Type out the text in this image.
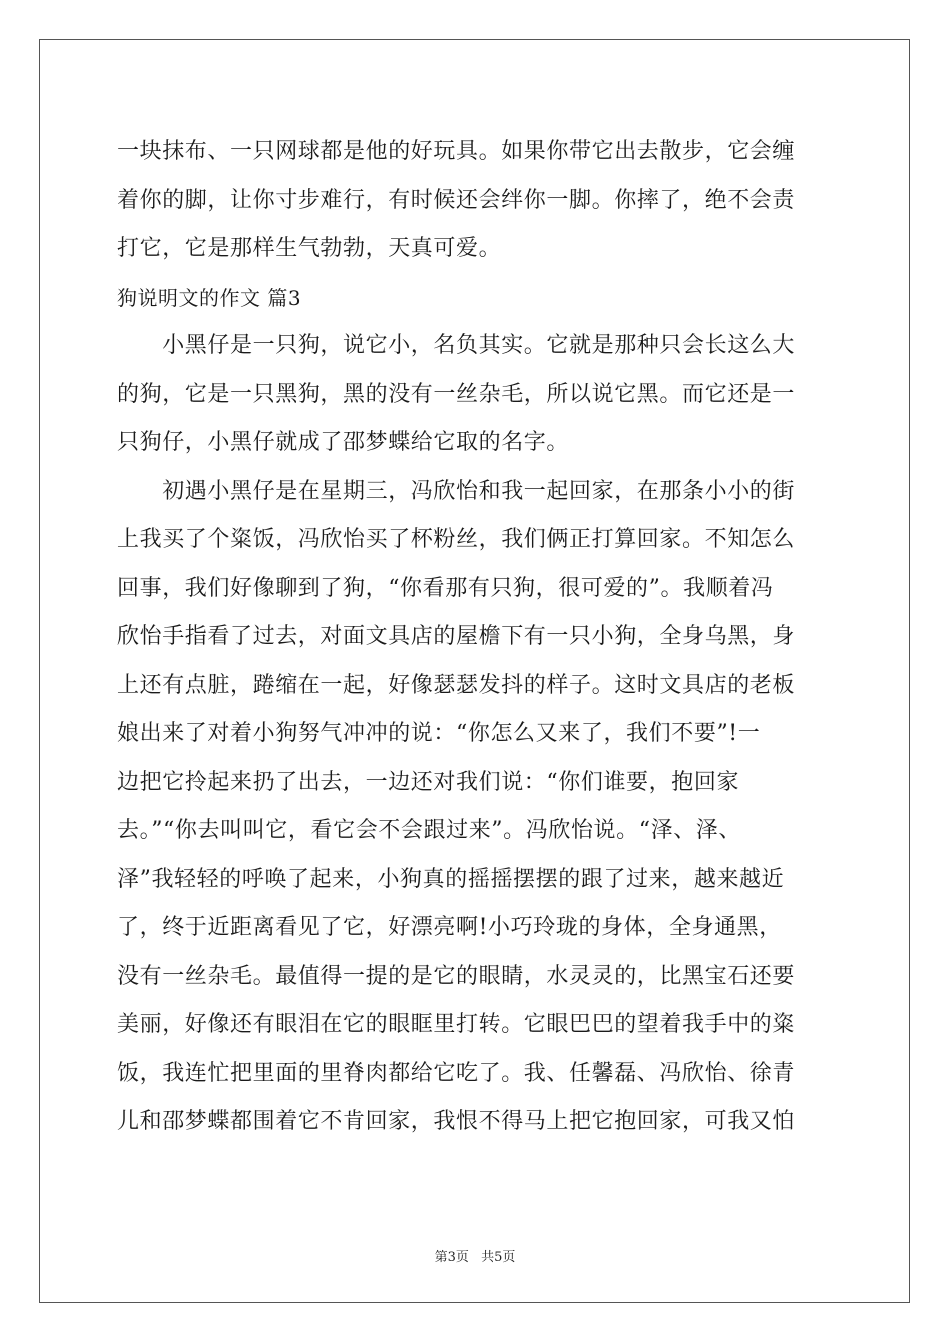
一块抹布、一只网球都是他的好玩具。如果你带它出去散步，它会缠
着你的脚，让你寸步难行，有时候还会绊你一脚。你摔了，绝不会责
打它，它是那样生气勃勃，天真可爱。
狗说明文的作文 篇3
　　小黑仔是一只狗，说它小，名负其实。它就是那种只会长这么大
的狗，它是一只黑狗，黑的没有一丝杂毛，所以说它黑。而它还是一
只狗仔，小黑仔就成了邵梦蝶给它取的名字。
　　初遇小黑仔是在星期三，冯欣怡和我一起回家，在那条小小的街
上我买了个粢饭，冯欣怡买了杯粉丝，我们俩正打算回家。不知怎么
回事，我们好像聊到了狗，“你看那有只狗，很可爱的”。我顺着冯
欣怡手指看了过去，对面文具店的屋檐下有一只小狗，全身乌黑，身
上还有点脏，踡缩在一起，好像瑟瑟发抖的样子。这时文具店的老板
娘出来了对着小狗努气冲冲的说：“你怎么又来了，我们不要”!一
边把它拎起来扔了出去，一边还对我们说：“你们谁要，抱回家
去。”“你去叫叫它，看它会不会跟过来”。冯欣怡说。“泽、泽、
泽”我轻轻的呼唤了起来，小狗真的摇摇摆摆的跟了过来，越来越近
了，终于近距离看见了它，好漂亮啊!小巧玲珑的身体，全身通黑，
没有一丝杂毛。最值得一提的是它的眼睛，水灵灵的，比黑宝石还要
美丽，好像还有眼泪在它的眼眶里打转。它眼巴巴的望着我手中的粢
饭，我连忙把里面的里脊肉都给它吃了。我、任馨磊、冯欣怡、徐青
儿和邵梦蝶都围着它不肯回家，我恨不得马上把它抱回家，可我又怕
第3页 共5页
